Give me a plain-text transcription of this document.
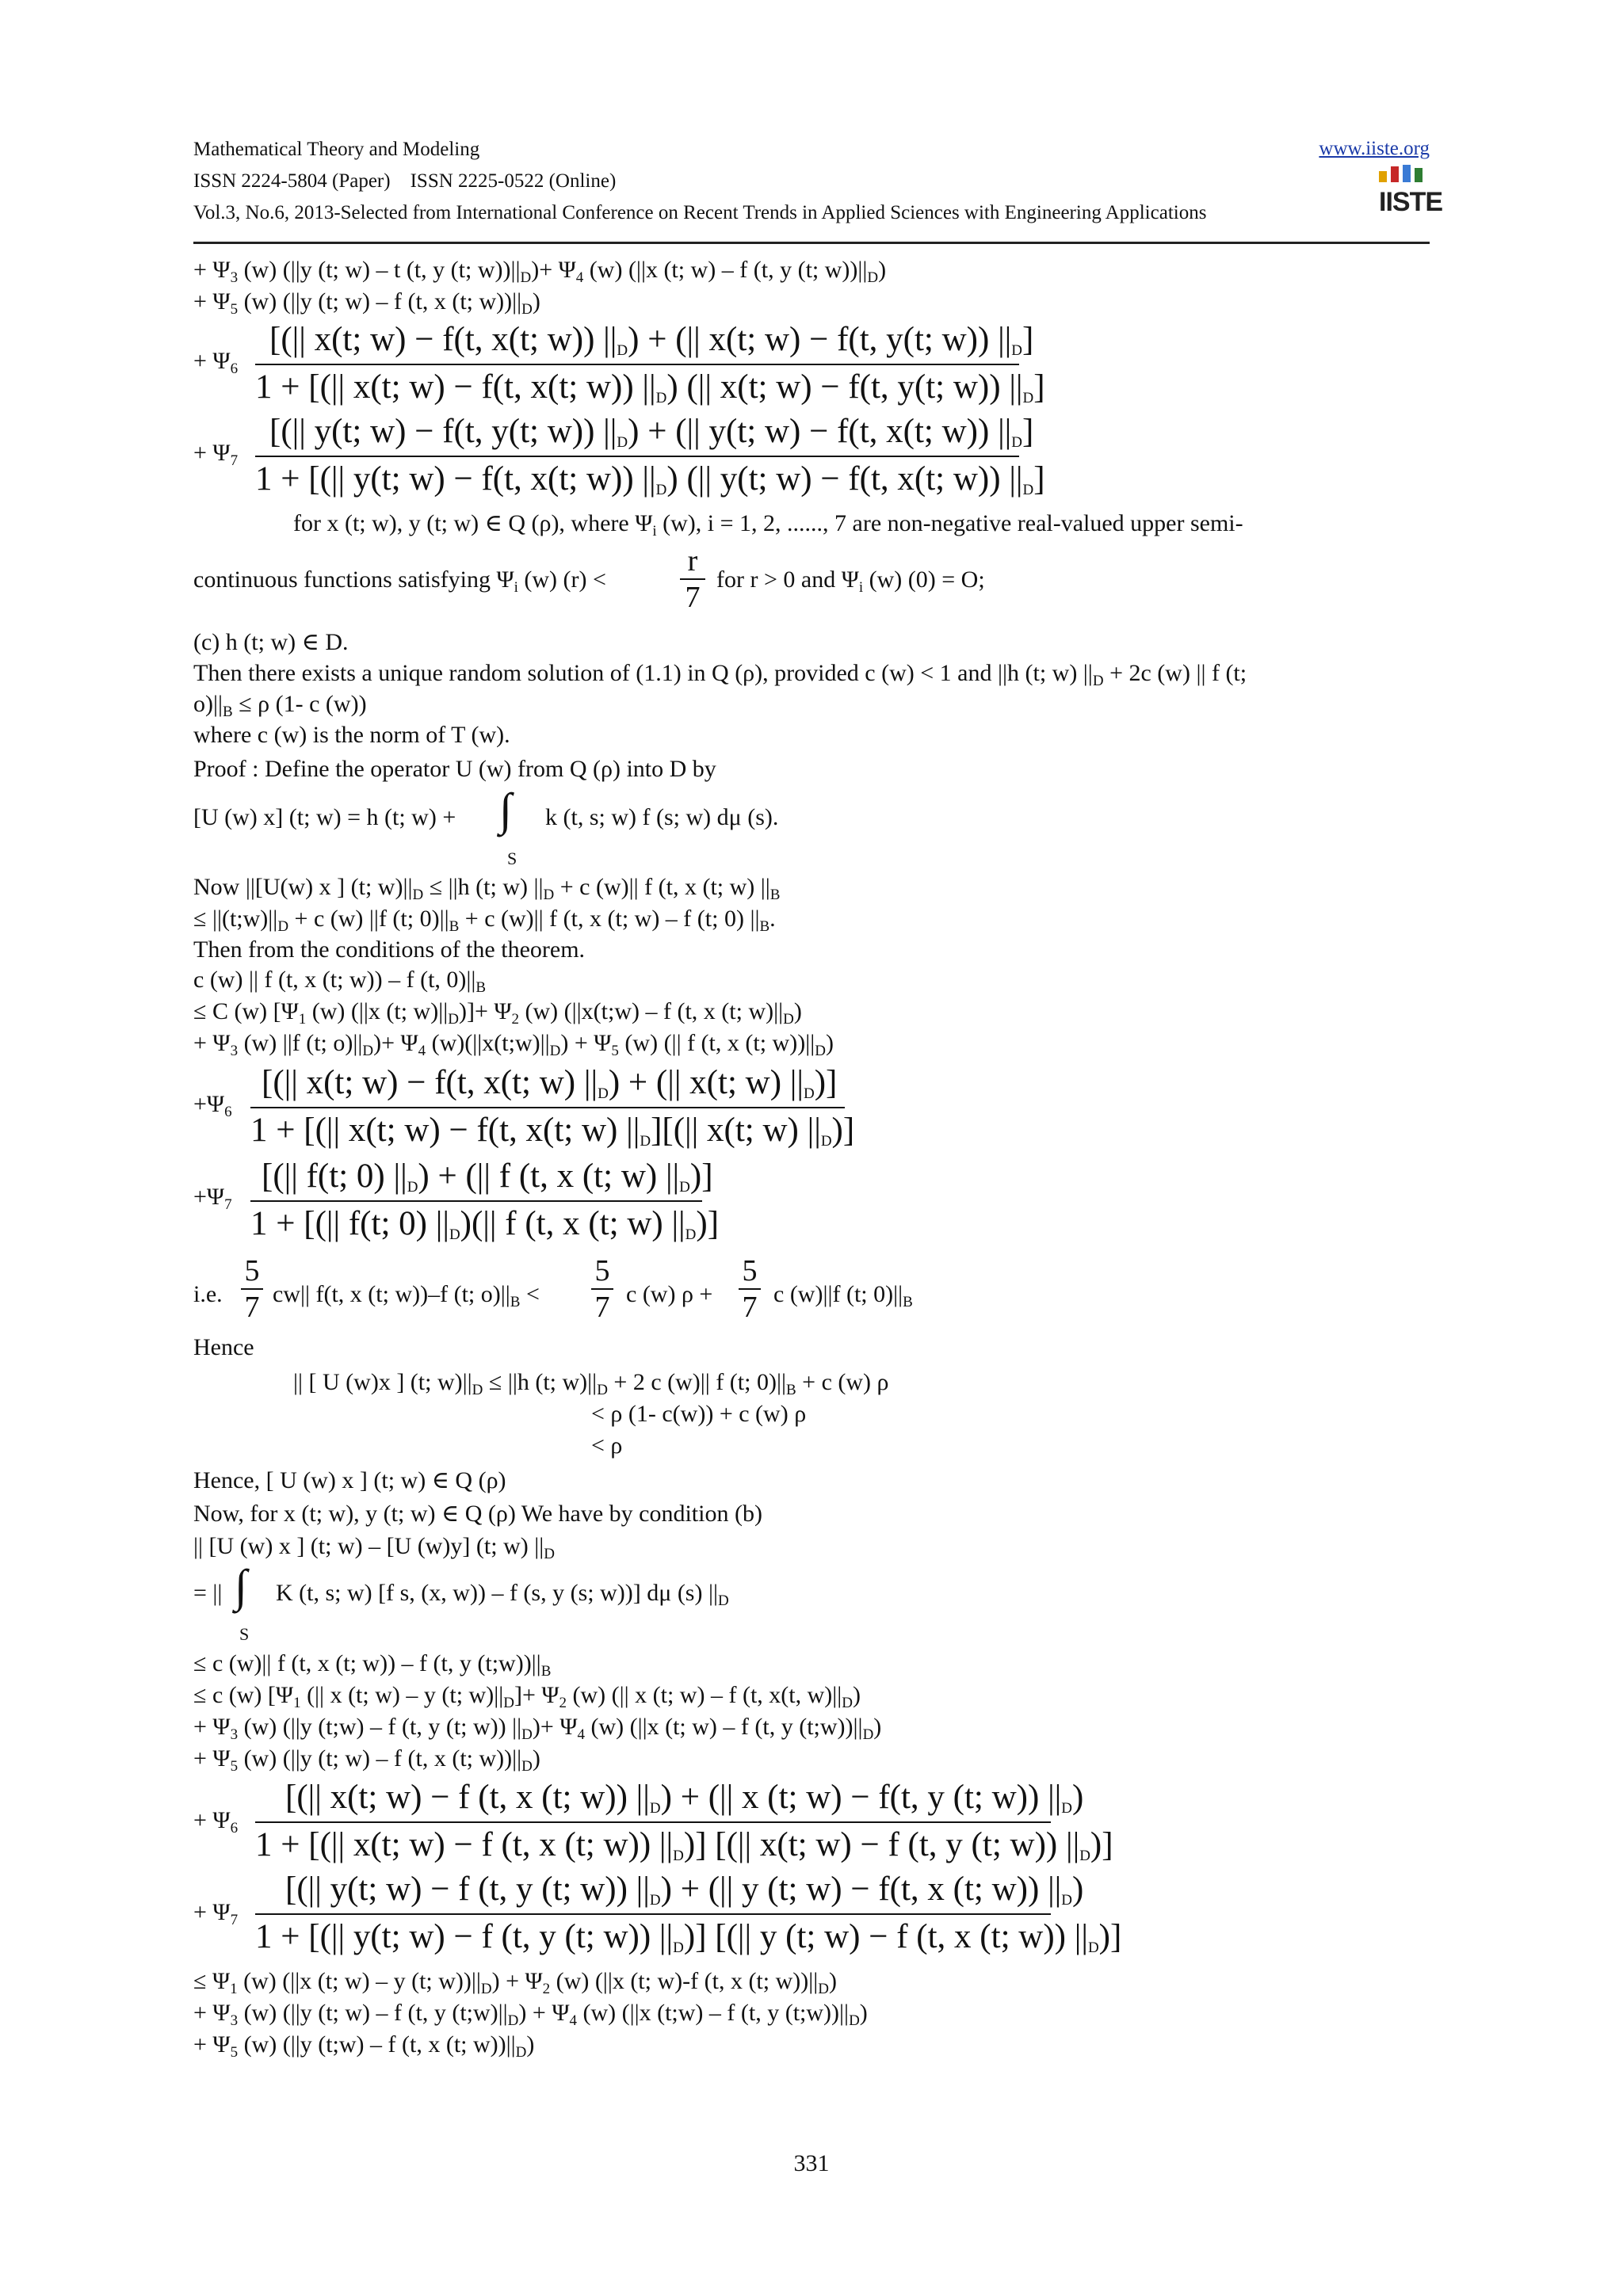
Mathematical Theory and Modeling	www.iiste.org
ISSN 2224-5804 (Paper)    ISSN 2225-0522 (Online)
Vol.3, No.6, 2013-Selected from International Conference on Recent Trends in Applied Sciences with Engineering Applications	IISTE
+ $\Psi_3$ (w) (||y (t; w) – t (t, y (t; $w))||_D)+ \Psi_4$ (w) (||x (t; w) – f (t, y (t; $w))||_D$)
+ $\Psi_5$ (w) (||y (t; w) – f (t, x (t; $w))||_D$)
+ $\Psi_6$
[(|| x(t; w) − f(t, x(t; w)) $||_D$) + (|| x(t; w) − f(t, y(t; w)) $||_D$]
1 + [(|| x(t; w) − f(t, x(t; w)) $||_D$) (|| x(t; w) − f(t, y(t; w)) $||_D$]
+ $\Psi_7$
[(|| y(t; w) − f(t, y(t; w)) $||_D$) + (|| y(t; w) − f(t, x(t; w)) $||_D$]
1 + [(|| y(t; w) − f(t, x(t; w)) $||_D$) (|| y(t; w) − f(t, x(t; w)) $||_D$]
for x (t; w), y (t; w) ∈ Q (ρ), where $\Psi_i$ (w), i = 1, 2, ......, 7 are non-negative real-valued upper semi-
continuous functions satisfying $\Psi_i$ (w) (r) <
r
7
for r > 0 and $\Psi_i$ (w) (0) = O;
(c) h (t; w) ∈ D.
Then there exists a unique random solution of (1.1) in Q (ρ), provided c (w) < 1 and ||h (t; w) $||_D + 2c$ (w) || f (t;
$o)||_B \le \rho$ (1- c (w))
where c (w) is the norm of T (w).
Proof : Define the operator U (w) from Q (ρ) into D by
[U (w) x] (t; w) = h (t; w) + ∫
S
k (t, s; w) f (s; w) dμ (s).
Now ||[U(w) x ] (t; $w)||_D \le ||h$ (t; w) $||_D + c$ (w)|| f (t, x (t; w) $||_B$
≤ $||(t;w)||_D + c$ (w) ||f (t; $0)||_B + c$ (w)|| f (t, x (t; w) – f (t; 0) $||_B$.
Then from the conditions of the theorem.
c (w) || f (t, x (t; w)) – f (t, $0)||_B$
≤ C (w) [$\Psi_1$ (w) (||x (t; $w)||_D)]+ \Psi_2$ (w) (||x(t;w) – f (t, x (t; $w)||_D$)
+ $\Psi_3$ (w) ||f (t; $o)||_D)+ \Psi_4$ $(w)(||x(t;w)||_D) + \Psi_5$ (w) (|| f (t, x (t; $w))||_D$)
$+\Psi_6$
[(|| x(t; w) − f(t, x(t; w) $||_D$) + (|| x(t; w) $||_D$)]
1 + [(|| x(t; w) − f(t, x(t; w) $||_D][(||$ x(t; w) $||_D$)]
$+\Psi_7$
[(|| f(t; 0) $||_D$) + (|| f (t, x (t; w) $||_D$)]
1 + [(|| f(t; 0) $||_D)(||$ f (t, x (t; w) $||_D$)]
i.e.
5
7 cw|| f(t, x (t; w))–f (t; $o)||_B$ <
5
7 c (w) ρ +
5
7 c (w)||f (t; $0)||_B$
Hence
|| [ U (w)x ] (t; $w)||_D \le ||h$ (t; $w)||_D + 2$ c (w)|| f (t; $0)||_B + c$ (w) ρ
< ρ (1- c(w)) + c (w) ρ
< ρ
Hence, [ U (w) x ] (t; w) ∈ Q (ρ)
Now, for x (t; w), y (t; w) ∈ Q (ρ) We have by condition (b)
|| [U (w) x ] (t; w) – [U (w)y] (t; w) $||_D$
= || ∫
S
K (t, s; w) [f s, (x, w)) – f (s, y (s; w))] dμ (s) $||_D$
≤ c (w)|| f (t, x (t; w)) – f (t, y $(t;w))||_B$
≤ c (w) [$\Psi_1$ (|| x (t; w) – y (t; $w)||_D]+ \Psi_2$ (w) (|| x (t; w) – f (t, x(t, $w)||_D$)
+ $\Psi_3$ (w) (||y (t;w) – f (t, y (t; w)) $||_D)+ \Psi_4$ (w) (||x (t; w) – f (t, y $(t;w))||_D$)
+ $\Psi_5$ (w) (||y (t; w) – f (t, x (t; $w))||_D$)
+ $\Psi_6$
[(|| x(t; w) − f (t, x (t; w)) $||_D$) + (|| x (t; w) − f(t, y (t; w)) $||_D$)
1 + [(|| x(t; w) − f (t, x (t; w)) $||_D$)] [(|| x(t; w) − f (t, y (t; w)) $||_D$)]
+ $\Psi_7$
[(|| y(t; w) − f (t, y (t; w)) $||_D$) + (|| y (t; w) − f(t, x (t; w)) $||_D$)
1 + [(|| y(t; w) − f (t, y (t; w)) $||_D$)] [(|| y (t; w) − f (t, x (t; w)) $||_D$)]
≤ $\Psi_1$ (w) (||x (t; w) – y (t; $w))||_D) + \Psi_2$ (w) (||x (t; w)-f (t, x (t; $w))||_D$)
+ $\Psi_3$ (w) (||y (t; w) – f (t, y $(t;w)||_D) + \Psi_4$ (w) (||x (t;w) – f (t, y $(t;w))||_D$)
+ $\Psi_5$ (w) (||y (t;w) – f (t, x (t; $w))||_D$)
331
